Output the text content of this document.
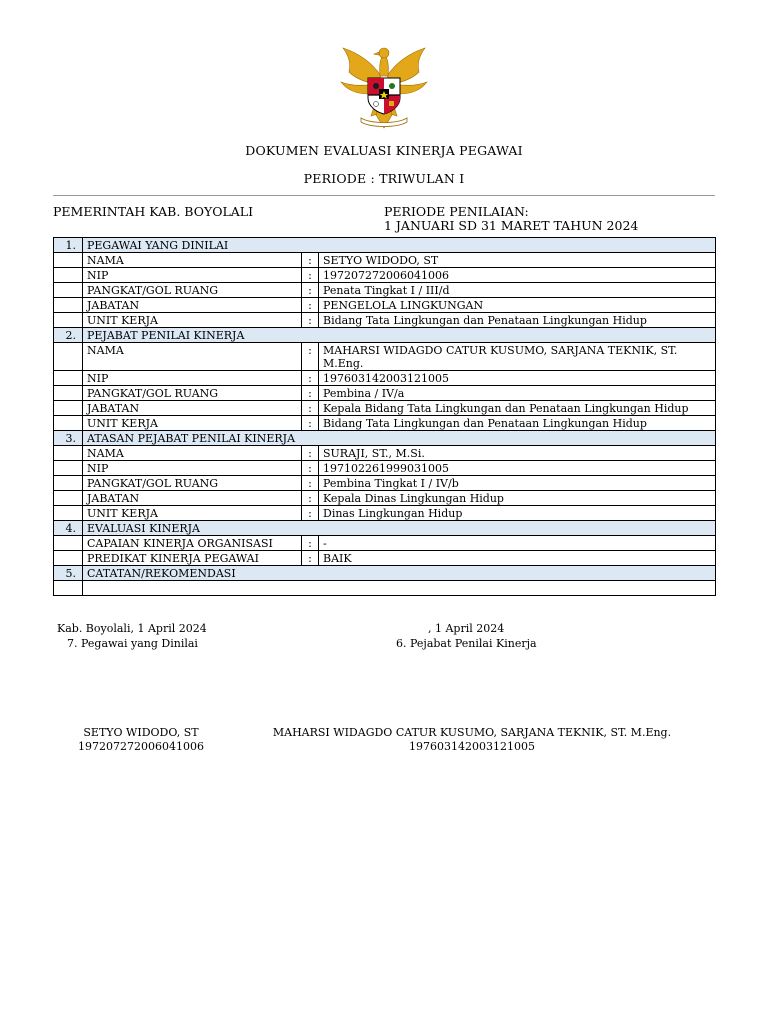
DOKUMEN EVALUASI KINERJA PEGAWAI
PERIODE : TRIWULAN I
PEMERINTAH KAB. BOYOLALI	PERIODE PENILAIAN:
1 JANUARI SD 31 MARET TAHUN 2024
1.	PEGAWAI YANG DINILAI		
	NAMA	:	SETYO WIDODO, ST
	NIP	:	197207272006041006
	PANGKAT/GOL RUANG	:	Penata Tingkat I / III/d
	JABATAN	:	PENGELOLA LINGKUNGAN
	UNIT KERJA	:	Bidang Tata Lingkungan dan Penataan Lingkungan Hidup
2.	PEJABAT PENILAI KINERJA		
	NAMA	:	MAHARSI WIDAGDO CATUR KUSUMO, SARJANA TEKNIK, ST. M.Eng.
	NIP	:	197603142003121005
	PANGKAT/GOL RUANG	:	Pembina / IV/a
	JABATAN	:	Kepala Bidang Tata Lingkungan dan Penataan Lingkungan Hidup
	UNIT KERJA	:	Bidang Tata Lingkungan dan Penataan Lingkungan Hidup
3.	ATASAN PEJABAT PENILAI KINERJA		
	NAMA	:	SURAJI, ST., M.Si.
	NIP	:	197102261999031005
	PANGKAT/GOL RUANG	:	Pembina Tingkat I / IV/b
	JABATAN	:	Kepala Dinas Lingkungan Hidup
	UNIT KERJA	:	Dinas Lingkungan Hidup
4.	EVALUASI KINERJA		
	CAPAIAN KINERJA ORGANISASI	:	-
	PREDIKAT KINERJA PEGAWAI	:	BAIK
5.	CATATAN/REKOMENDASI		

Kab. Boyolali, 1 April 2024
7. Pegawai yang Dinilai
, 1 April 2024
6. Pejabat Penilai Kinerja
SETYO WIDODO, ST
197207272006041006
MAHARSI WIDAGDO CATUR KUSUMO, SARJANA TEKNIK, ST. M.Eng.
197603142003121005
